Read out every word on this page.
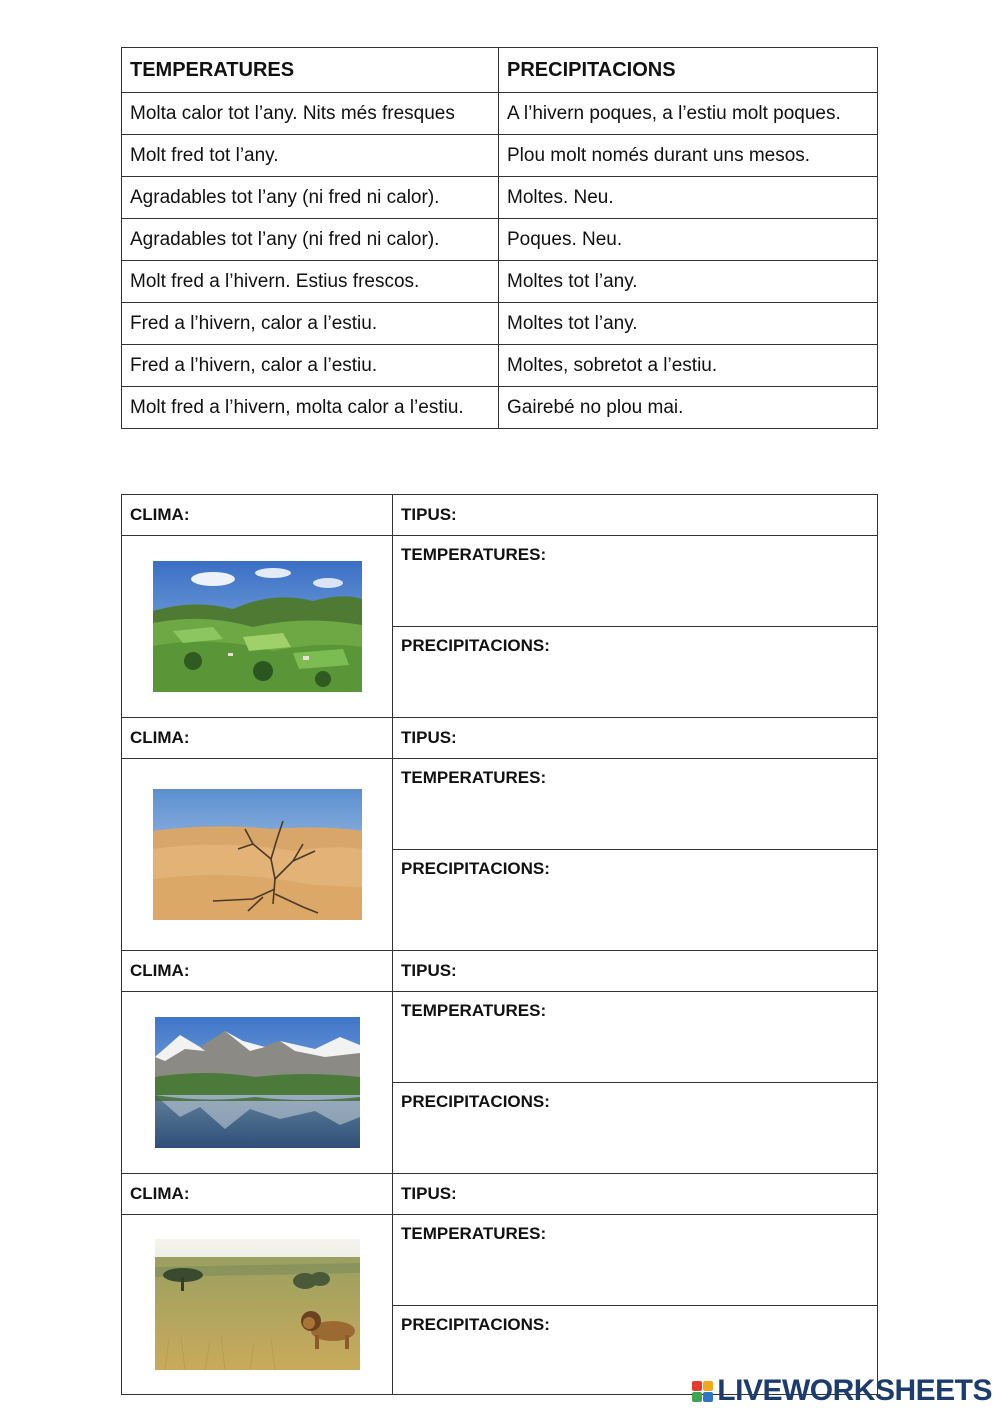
TEMPERATURES	PRECIPITACIONS
Molta calor tot l’any. Nits més fresques	A l’hivern poques, a l’estiu molt poques.
Molt fred tot l’any.	Plou molt només durant uns mesos.
Agradables tot l’any (ni fred ni calor).	Moltes. Neu.
Agradables tot l’any (ni fred ni calor).	Poques. Neu.
Molt fred a l’hivern. Estius frescos.	Moltes tot l’any.
Fred a l’hivern, calor a l’estiu.	Moltes tot l’any.
Fred a l’hivern, calor a l’estiu.	Moltes, sobretot a l’estiu.
Molt fred a l’hivern, molta calor a l’estiu.	Gairebé no plou mai.
CLIMA:	TIPUS:

	TEMPERATURES:
	PRECIPITACIONS:
CLIMA:	TIPUS:

	TEMPERATURES:
	PRECIPITACIONS:
CLIMA:	TIPUS:

	TEMPERATURES:
	PRECIPITACIONS:
CLIMA:	TIPUS:

	TEMPERATURES:
	PRECIPITACIONS:
LIVEWORKSHEETS
